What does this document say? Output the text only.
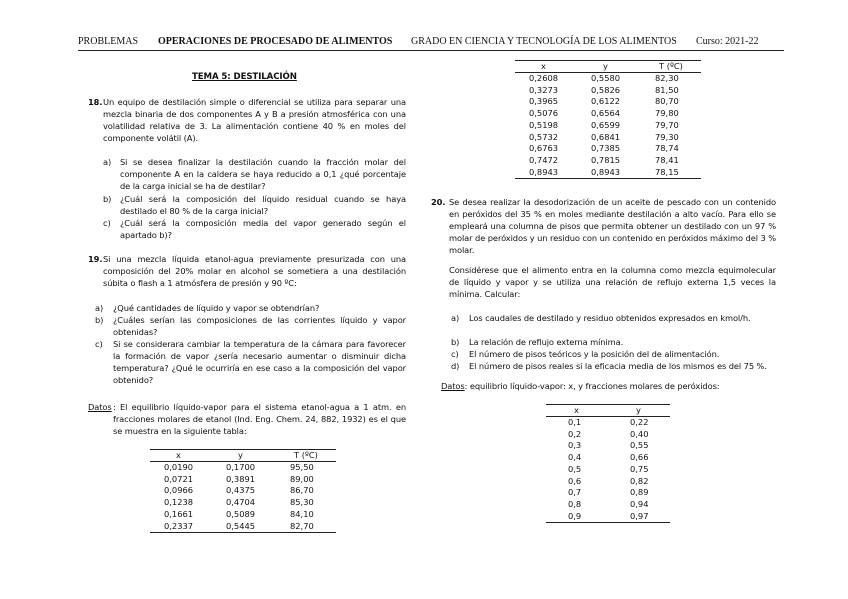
PROBLEMAS OPERACIONES DE PROCESADO DE ALIMENTOS GRADO EN CIENCIA Y TECNOLOGÍA DE LOS ALIMENTOS Curso: 2021-22
TEMA 5: DESTILACIÓN
18. Un equipo de destilación simple o diferencial se utiliza para separar una mezcla binaria de dos componentes A y B a presión atmosférica con una volatilidad relativa de 3. La alimentación contiene 40 % en moles del componente volátil (A).
a) Si se desea finalizar la destilación cuando la fracción molar del componente A en la caldera se haya reducido a 0,1 ¿qué porcentaje de la carga inicial se ha de destilar?
b) ¿Cuál será la composición del líquido residual cuando se haya destilado el 80 % de la carga inicial?
c) ¿Cuál será la composición media del vapor generado según el apartado b)?
19. Si una mezcla líquida etanol-agua previamente presurizada con una composición del 20% molar en alcohol se sometiera a una destilación súbita o flash a 1 atmósfera de presión y 90 ºC:
a) ¿Qué cantidades de líquido y vapor se obtendrían?
b) ¿Cuáles serían las composiciones de las corrientes líquido y vapor obtenidas?
c) Si se considerara cambiar la temperatura de la cámara para favorecer la formación de vapor ¿sería necesario aumentar o disminuir dicha temperatura? ¿Qué le ocurriría en ese caso a la composición del vapor obtenido?
Datos : El equilibrio líquido-vapor para el sistema etanol-agua a 1 atm. en fracciones molares de etanol (Ind. Eng. Chem. 24, 882, 1932) es el que se muestra en la siguiente tabla:
x	y	T (ºC)
0,0190	0,1700	95,50
0,0721	0,3891	89,00
0,0966	0,4375	86,70
0,1238	0,4704	85,30
0,1661	0,5089	84,10
0,2337	0,5445	82,70
x	y	T (ºC)
0,2608	0,5580	82,30
0,3273	0,5826	81,50
0,3965	0,6122	80,70
0,5076	0,6564	79,80
0,5198	0,6599	79,70
0,5732	0,6841	79,30
0,6763	0,7385	78,74
0,7472	0,7815	78,41
0,8943	0,8943	78,15
20. Se desea realizar la desodorización de un aceite de pescado con un contenido en peróxidos del 35 % en moles mediante destilación a alto vacío. Para ello se empleará una columna de pisos que permita obtener un destilado con un 97 % molar de peróxidos y un residuo con un contenido en peróxidos máximo del 3 % molar.
Considérese que el alimento entra en la columna como mezcla equimolecular de líquido y vapor y se utiliza una relación de reflujo externa 1,5 veces la mínima. Calcular:
a) Los caudales de destilado y residuo obtenidos expresados en kmol/h.
b) La relación de reflujo externa mínima.
c) El número de pisos teóricos y la posición del de alimentación.
d) El número de pisos reales si la eficacia media de los mismos es del 75 %.
Datos: equilibrio líquido-vapor: x, y fracciones molares de peróxidos:
x	y
0,1	0,22
0,2	0,40
0,3	0,55
0,4	0,66
0,5	0,75
0,6	0,82
0,7	0,89
0,8	0,94
0,9	0,97
